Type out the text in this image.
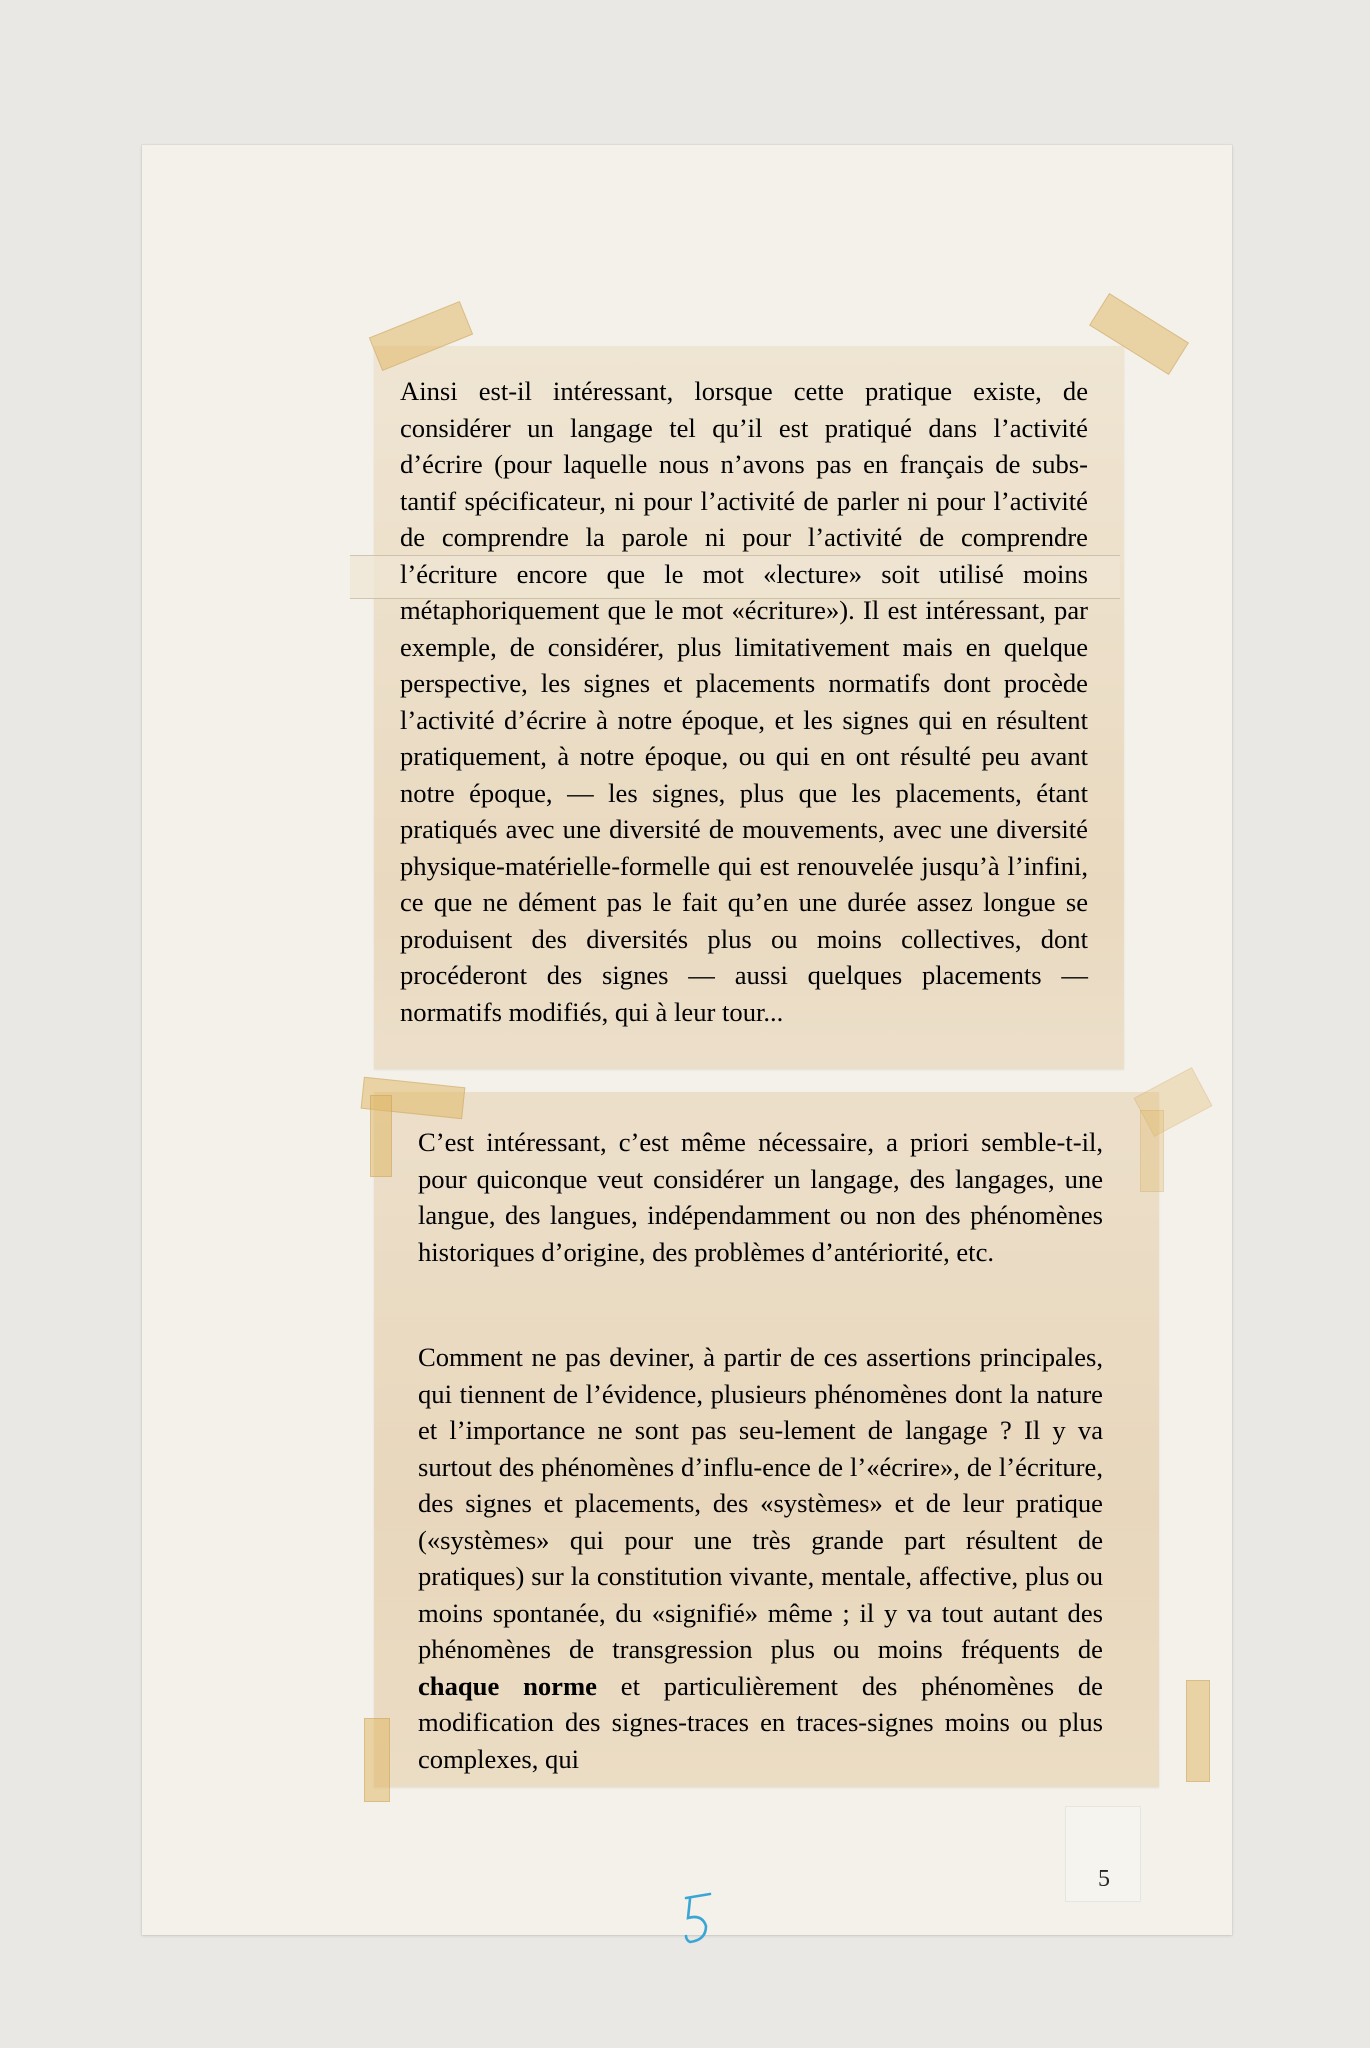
Ainsi est-il intéressant, lorsque cette pratique existe, de considérer un langage tel qu’il est pratiqué dans l’activité d’écrire (pour laquelle nous n’avons pas en français de subs-tantif spécificateur, ni pour l’activité de parler ni pour l’activité de comprendre la parole ni pour l’activité de comprendre l’écriture encore que le mot «lecture» soit utilisé moins métaphoriquement que le mot «écriture»). Il est intéressant, par exemple, de considérer, plus limitativement mais en quelque perspective, les signes et placements normatifs dont procède l’activité d’écrire à notre époque, et les signes qui en résultent pratiquement, à notre époque, ou qui en ont résulté peu avant notre époque, — les signes, plus que les placements, étant pratiqués avec une diversité de mouvements, avec une diversité physique-matérielle-formelle qui est renouvelée jusqu’à l’infini, ce que ne dément pas le fait qu’en une durée assez longue se produisent des diversités plus ou moins collectives, dont procéderont des signes — aussi quelques placements — normatifs modifiés, qui à leur tour...

C’est intéressant, c’est même nécessaire, a priori semble-t-il, pour quiconque veut considérer un langage, des langages, une langue, des langues, indépendamment ou non des phénomènes historiques d’origine, des problèmes d’antériorité, etc.

Comment ne pas deviner, à partir de ces assertions principales, qui tiennent de l’évidence, plusieurs phénomènes dont la nature et l’importance ne sont pas seu-lement de langage ? Il y va surtout des phénomènes d’influ-ence de l’«écrire», de l’écriture, des signes et placements, des «systèmes» et de leur pratique («systèmes» qui pour une très grande part résultent de pratiques) sur la constitution vivante, mentale, affective, plus ou moins spontanée, du «signifié» même ; il y va tout autant des phénomènes de transgression plus ou moins fréquents de chaque norme et particulièrement des phénomènes de modification des signes-traces en traces-signes moins ou plus complexes, qui

5
